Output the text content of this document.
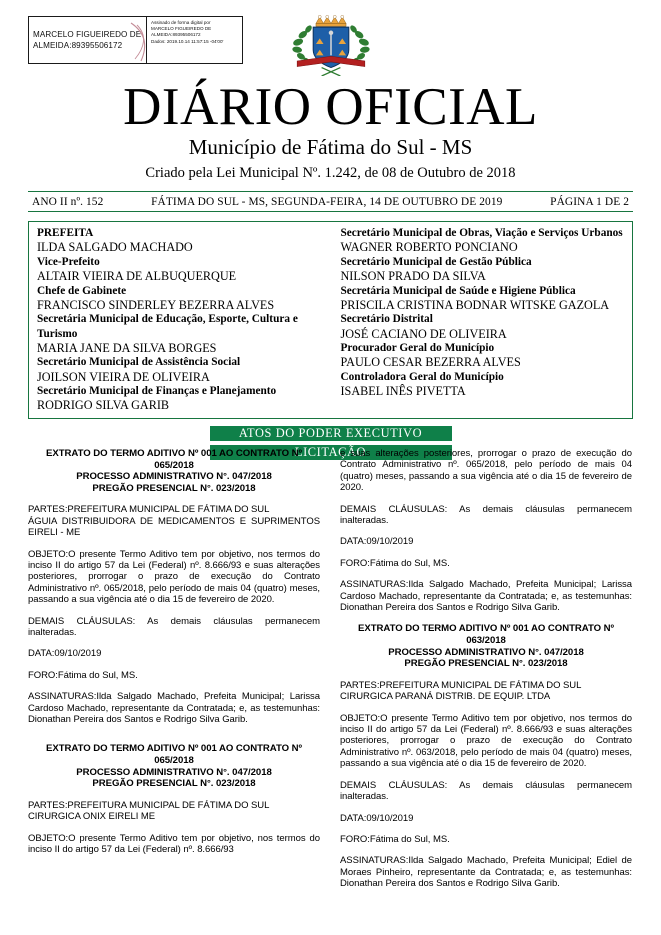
MARCELO FIGUEIREDO DE
ALMEIDA:89395506172
Assinado de forma digital por
MARCELO FIGUEIREDO DE
ALMEIDA:89395506172
Dados: 2019.10.14 11:57:15 -04'00'
DIÁRIO OFICIAL
Município de Fátima do Sul - MS
Criado pela Lei Municipal Nº. 1.242, de 08 de Outubro de 2018
ANO II nº. 152	FÁTIMA DO SUL - MS, SEGUNDA-FEIRA, 14 DE OUTUBRO DE 2019	PÁGINA 1 DE 2
PREFEITA
ILDA SALGADO MACHADO
Vice-Prefeito
ALTAIR VIEIRA DE ALBUQUERQUE
Chefe de Gabinete
FRANCISCO SINDERLEY BEZERRA ALVES
Secretária Municipal de Educação, Esporte, Cultura e Turismo
MARIA JANE DA SILVA BORGES
Secretário Municipal de Assistência Social
JOILSON VIEIRA DE OLIVEIRA
Secretário Municipal de Finanças e Planejamento
RODRIGO SILVA GARIB
Secretário Municipal de Obras, Viação e Serviços Urbanos
WAGNER ROBERTO PONCIANO
Secretário Municipal de Gestão Pública
NILSON PRADO DA SILVA
Secretária Municipal de Saúde e Higiene Pública
PRISCILA CRISTINA BODNAR WITSKE GAZOLA
Secretário Distrital
JOSÉ CACIANO DE OLIVEIRA
Procurador Geral do Município
PAULO CESAR BEZERRA ALVES
Controladora Geral do Município
ISABEL INÊS PIVETTA
ATOS DO PODER EXECUTIVO
LICITAÇÃO
EXTRATO DO TERMO ADITIVO Nº 001 AO CONTRATO Nº
065/2018
PROCESSO ADMINISTRATIVO N°. 047/2018
PREGÃO PRESENCIAL N°. 023/2018
PARTES:PREFEITURA MUNICIPAL DE FÁTIMA DO SUL
ÁGUIA DISTRIBUIDORA DE MEDICAMENTOS E SUPRIMENTOS EIRELI - ME
OBJETO:O presente Termo Aditivo tem por objetivo, nos termos do inciso II do artigo 57 da Lei (Federal) nº. 8.666/93 e suas alterações posteriores, prorrogar o prazo de execução do Contrato Administrativo nº. 065/2018, pelo período de mais 04 (quatro) meses, passando a sua vigência até o dia 15 de fevereiro de 2020.
DEMAIS CLÁUSULAS: As demais cláusulas permanecem inalteradas.
DATA:09/10/2019
FORO:Fátima do Sul, MS.
ASSINATURAS:Ilda Salgado Machado, Prefeita Municipal; Larissa Cardoso Machado, representante da Contratada; e, as testemunhas: Dionathan Pereira dos Santos e Rodrigo Silva Garib.
EXTRATO DO TERMO ADITIVO Nº 001 AO CONTRATO Nº
065/2018
PROCESSO ADMINISTRATIVO N°. 047/2018
PREGÃO PRESENCIAL N°. 023/2018
PARTES:PREFEITURA MUNICIPAL DE FÁTIMA DO SUL
CIRURGICA ONIX EIRELI ME
OBJETO:O presente Termo Aditivo tem por objetivo, nos termos do inciso II do artigo 57 da Lei (Federal) nº. 8.666/93
e suas alterações posteriores, prorrogar o prazo de execução do Contrato Administrativo nº. 065/2018, pelo período de mais 04 (quatro) meses, passando a sua vigência até o dia 15 de fevereiro de 2020.
DEMAIS CLÁUSULAS: As demais cláusulas permanecem inalteradas.
DATA:09/10/2019
FORO:Fátima do Sul, MS.
ASSINATURAS:Ilda Salgado Machado, Prefeita Municipal; Larissa Cardoso Machado, representante da Contratada; e, as testemunhas: Dionathan Pereira dos Santos e Rodrigo Silva Garib.
EXTRATO DO TERMO ADITIVO Nº 001 AO CONTRATO Nº
063/2018
PROCESSO ADMINISTRATIVO N°. 047/2018
PREGÃO PRESENCIAL N°. 023/2018
PARTES:PREFEITURA MUNICIPAL DE FÁTIMA DO SUL
CIRURGICA PARANÁ DISTRIB. DE EQUIP. LTDA
OBJETO:O presente Termo Aditivo tem por objetivo, nos termos do inciso II do artigo 57 da Lei (Federal) nº. 8.666/93 e suas alterações posteriores, prorrogar o prazo de execução do Contrato Administrativo nº. 063/2018, pelo período de mais 04 (quatro) meses, passando a sua vigência até o dia 15 de fevereiro de 2020.
DEMAIS CLÁUSULAS: As demais cláusulas permanecem inalteradas.
DATA:09/10/2019
FORO:Fátima do Sul, MS.
ASSINATURAS:Ilda Salgado Machado, Prefeita Municipal; Ediel de Moraes Pinheiro, representante da Contratada; e, as testemunhas: Dionathan Pereira dos Santos e Rodrigo Silva Garib.
